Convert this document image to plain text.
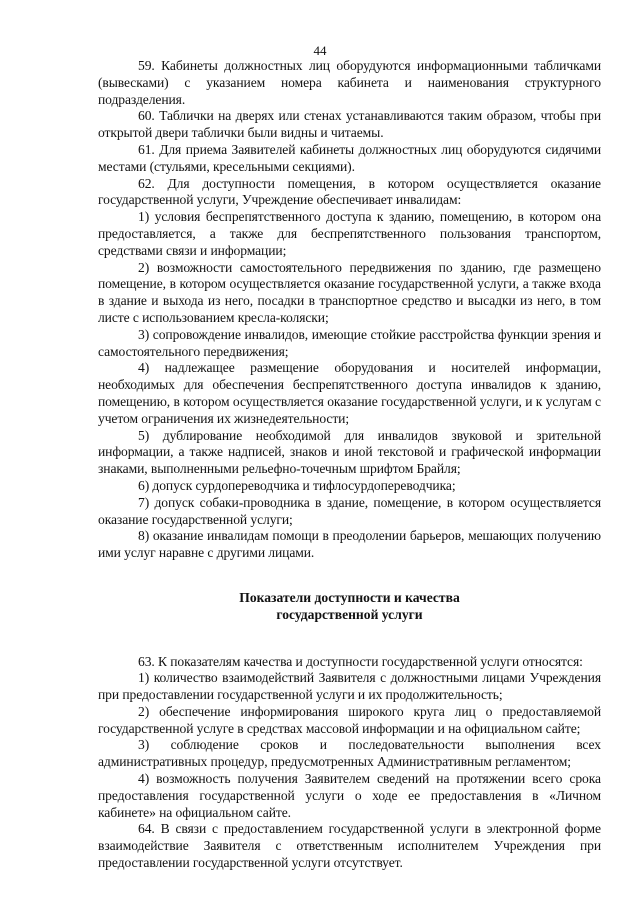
44

59. Кабинеты должностных лиц оборудуются информационными табличками (вывесками) с указанием номера кабинета и наименования структурного подразделения.

60. Таблички на дверях или стенах устанавливаются таким образом, чтобы при открытой двери таблички были видны и читаемы.

61. Для приема Заявителей кабинеты должностных лиц оборудуются сидячими местами (стульями, кресельными секциями).

62. Для доступности помещения, в котором осуществляется оказание государственной услуги, Учреждение обеспечивает инвалидам:

1) условия беспрепятственного доступа к зданию, помещению, в котором она предоставляется, а также для беспрепятственного пользования транспортом, средствами связи и информации;

2) возможности самостоятельного передвижения по зданию, где размещено помещение, в котором осуществляется оказание государственной услуги, а также входа в здание и выхода из него, посадки в транспортное средство и высадки из него, в том листе с использованием кресла-коляски;

3) сопровождение инвалидов, имеющие стойкие расстройства функции зрения и самостоятельного передвижения;

4) надлежащее размещение оборудования и носителей информации, необходимых для обеспечения беспрепятственного доступа инвалидов к зданию, помещению, в котором осуществляется оказание государственной услуги, и к услугам с учетом ограничения их жизнедеятельности;

5) дублирование необходимой для инвалидов звуковой и зрительной информации, а также надписей, знаков и иной текстовой и графической информации знаками, выполненными рельефно-точечным шрифтом Брайля;

6) допуск сурдопереводчика и тифлосурдопереводчика;

7) допуск собаки-проводника в здание, помещение, в котором осуществляется оказание государственной услуги;

8) оказание инвалидам помощи в преодолении барьеров, мешающих получению ими услуг наравне с другими лицами.

Показатели доступности и качества

государственной услуги

63. К показателям качества и доступности государственной услуги относятся:

1) количество взаимодействий Заявителя с должностными лицами Учреждения при предоставлении государственной услуги и их продолжительность;

2) обеспечение информирования широкого круга лиц о предоставляемой государственной услуге в средствах массовой информации и на официальном сайте;

3) соблюдение сроков и последовательности выполнения всех административных процедур, предусмотренных Административным регламентом;

4) возможность получения Заявителем сведений на протяжении всего срока предоставления государственной услуги о ходе ее предоставления в «Личном кабинете» на официальном сайте.

64. В связи с предоставлением государственной услуги в электронной форме взаимодействие Заявителя с ответственным исполнителем Учреждения при предоставлении государственной услуги отсутствует.
